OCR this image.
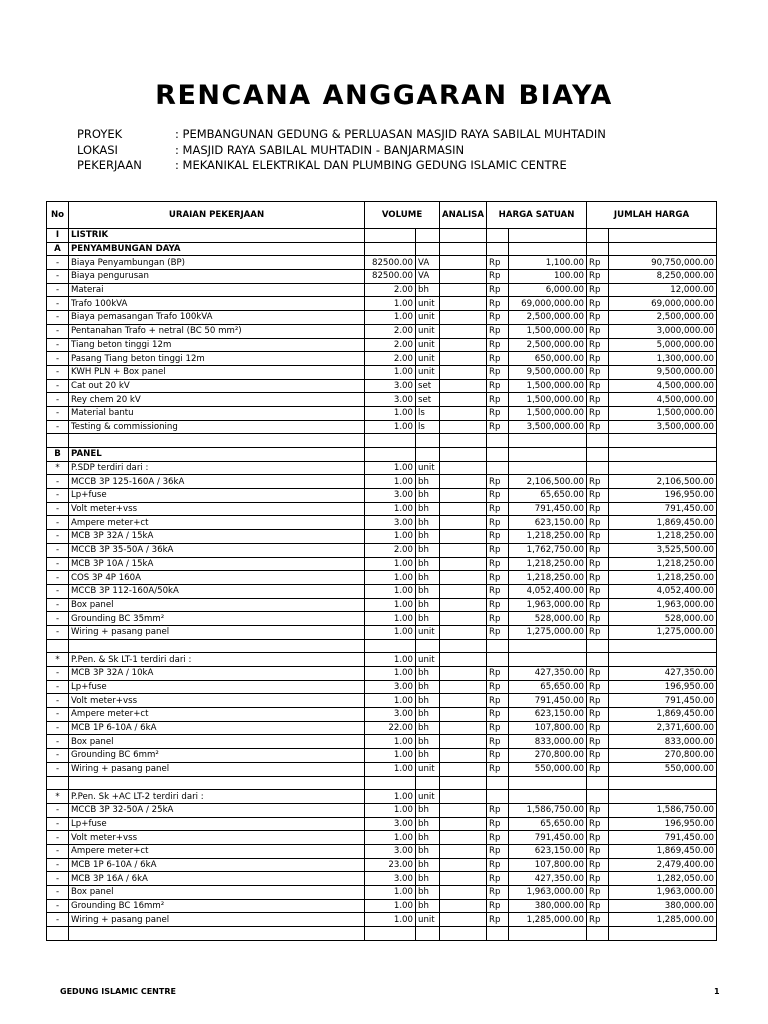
RENCANA ANGGARAN BIAYA
PROYEK	: PEMBANGUNAN GEDUNG & PERLUASAN MASJID RAYA SABILAL MUHTADIN
LOKASI	: MASJID RAYA SABILAL MUHTADIN - BANJARMASIN
PEKERJAAN	: MEKANIKAL ELEKTRIKAL DAN PLUMBING GEDUNG ISLAMIC CENTRE
No	URAIAN PEKERJAAN	VOLUME		ANALISA	HARGA SATUAN		JUMLAH HARGA	
I	LISTRIK							
A	PENYAMBUNGAN DAYA							
-	Biaya Penyambungan (BP)	82500.00	VA		Rp	1,100.00	Rp	90,750,000.00
-	Biaya pengurusan	82500.00	VA		Rp	100.00	Rp	8,250,000.00
-	Materai	2.00	bh		Rp	6,000.00	Rp	12,000.00
-	Trafo 100kVA	1.00	unit		Rp	69,000,000.00	Rp	69,000,000.00
-	Biaya pemasangan Trafo 100kVA	1.00	unit		Rp	2,500,000.00	Rp	2,500,000.00
-	Pentanahan Trafo + netral (BC 50 mm²)	2.00	unit		Rp	1,500,000.00	Rp	3,000,000.00
-	Tiang beton tinggi 12m	2.00	unit		Rp	2,500,000.00	Rp	5,000,000.00
-	Pasang Tiang beton tinggi 12m	2.00	unit		Rp	650,000.00	Rp	1,300,000.00
-	KWH PLN + Box panel	1.00	unit		Rp	9,500,000.00	Rp	9,500,000.00
-	Cat out 20 kV	3.00	set		Rp	1,500,000.00	Rp	4,500,000.00
-	Rey chem 20 kV	3.00	set		Rp	1,500,000.00	Rp	4,500,000.00
-	Material bantu	1.00	ls		Rp	1,500,000.00	Rp	1,500,000.00
-	Testing & commissioning	1.00	ls		Rp	3,500,000.00	Rp	3,500,000.00

B	PANEL							
*	P.SDP terdiri dari :	1.00	unit					
-	MCCB 3P 125-160A / 36kA	1.00	bh		Rp	2,106,500.00	Rp	2,106,500.00
-	Lp+fuse	3.00	bh		Rp	65,650.00	Rp	196,950.00
-	Volt meter+vss	1.00	bh		Rp	791,450.00	Rp	791,450.00
-	Ampere meter+ct	3.00	bh		Rp	623,150.00	Rp	1,869,450.00
-	MCB 3P 32A / 15kA	1.00	bh		Rp	1,218,250.00	Rp	1,218,250.00
-	MCCB 3P 35-50A / 36kA	2.00	bh		Rp	1,762,750.00	Rp	3,525,500.00
-	MCB 3P 10A / 15kA	1.00	bh		Rp	1,218,250.00	Rp	1,218,250.00
-	COS 3P 4P 160A	1.00	bh		Rp	1,218,250.00	Rp	1,218,250.00
-	MCCB 3P 112-160A/50kA	1.00	bh		Rp	4,052,400.00	Rp	4,052,400.00
-	Box panel	1.00	bh		Rp	1,963,000.00	Rp	1,963,000.00
-	Grounding BC 35mm²	1.00	bh		Rp	528,000.00	Rp	528,000.00
-	Wiring + pasang panel	1.00	unit		Rp	1,275,000.00	Rp	1,275,000.00

*	P.Pen. & Sk LT-1 terdiri dari :	1.00	unit					
-	MCB 3P 32A / 10kA	1.00	bh		Rp	427,350.00	Rp	427,350.00
-	Lp+fuse	3.00	bh		Rp	65,650.00	Rp	196,950.00
-	Volt meter+vss	1.00	bh		Rp	791,450.00	Rp	791,450.00
-	Ampere meter+ct	3.00	bh		Rp	623,150.00	Rp	1,869,450.00
-	MCB 1P 6-10A / 6kA	22.00	bh		Rp	107,800.00	Rp	2,371,600.00
-	Box panel	1.00	bh		Rp	833,000.00	Rp	833,000.00
-	Grounding BC 6mm²	1.00	bh		Rp	270,800.00	Rp	270,800.00
-	Wiring + pasang panel	1.00	unit		Rp	550,000.00	Rp	550,000.00

*	P.Pen. Sk +AC LT-2 terdiri dari :	1.00	unit					
-	MCCB 3P 32-50A / 25kA	1.00	bh		Rp	1,586,750.00	Rp	1,586,750.00
-	Lp+fuse	3.00	bh		Rp	65,650.00	Rp	196,950.00
-	Volt meter+vss	1.00	bh		Rp	791,450.00	Rp	791,450.00
-	Ampere meter+ct	3.00	bh		Rp	623,150.00	Rp	1,869,450.00
-	MCB 1P 6-10A / 6kA	23.00	bh		Rp	107,800.00	Rp	2,479,400.00
-	MCB 3P 16A / 6kA	3.00	bh		Rp	427,350.00	Rp	1,282,050.00
-	Box panel	1.00	bh		Rp	1,963,000.00	Rp	1,963,000.00
-	Grounding BC 16mm²	1.00	bh		Rp	380,000.00	Rp	380,000.00
-	Wiring + pasang panel	1.00	unit		Rp	1,285,000.00	Rp	1,285,000.00

GEDUNG ISLAMIC CENTRE	1
